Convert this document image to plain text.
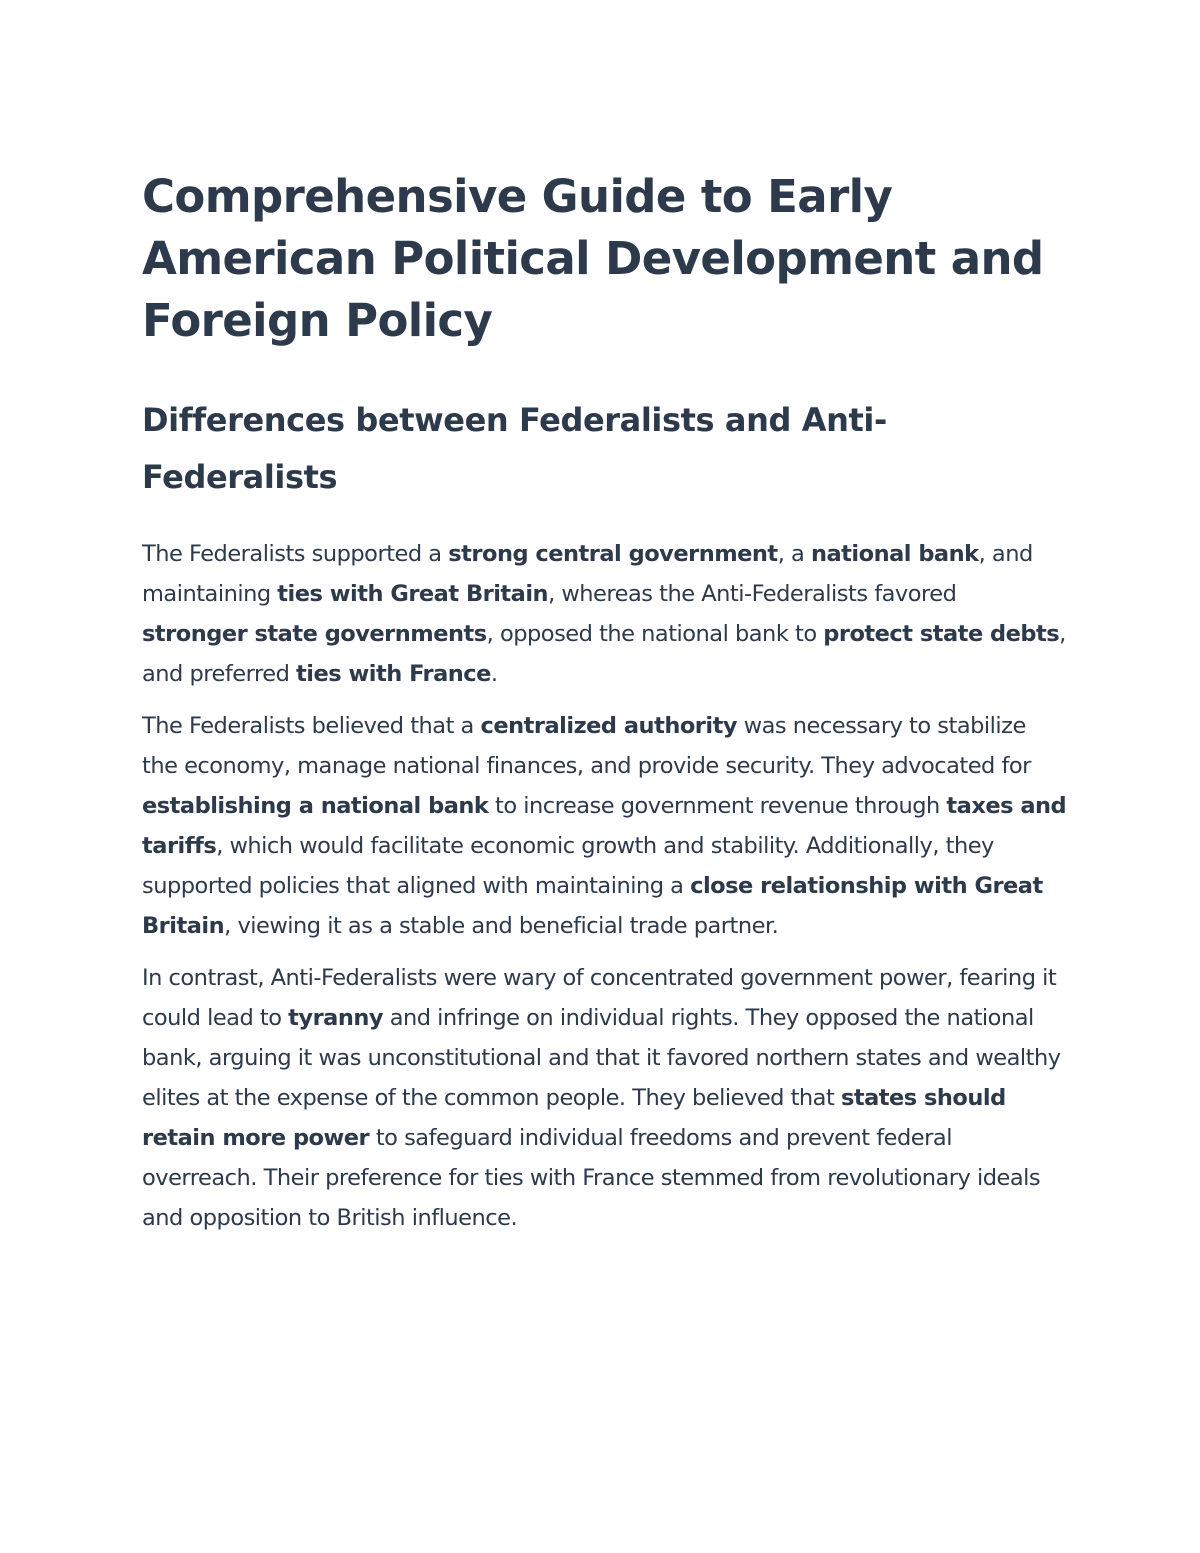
Comprehensive Guide to Early American Political Development and Foreign Policy
Differences between Federalists and Anti-Federalists

The Federalists supported a strong central government, a national bank, and maintaining ties with Great Britain, whereas the Anti-Federalists favored stronger state governments, opposed the national bank to protect state debts, and preferred ties with France.

The Federalists believed that a centralized authority was necessary to stabilize the economy, manage national finances, and provide security. They advocated for establishing a national bank to increase government revenue through taxes and tariffs, which would facilitate economic growth and stability. Additionally, they supported policies that aligned with maintaining a close relationship with Great Britain, viewing it as a stable and beneficial trade partner.

In contrast, Anti-Federalists were wary of concentrated government power, fearing it could lead to tyranny and infringe on individual rights. They opposed the national bank, arguing it was unconstitutional and that it favored northern states and wealthy elites at the expense of the common people. They believed that states should retain more power to safeguard individual freedoms and prevent federal overreach. Their preference for ties with France stemmed from revolutionary ideals and opposition to British influence.
